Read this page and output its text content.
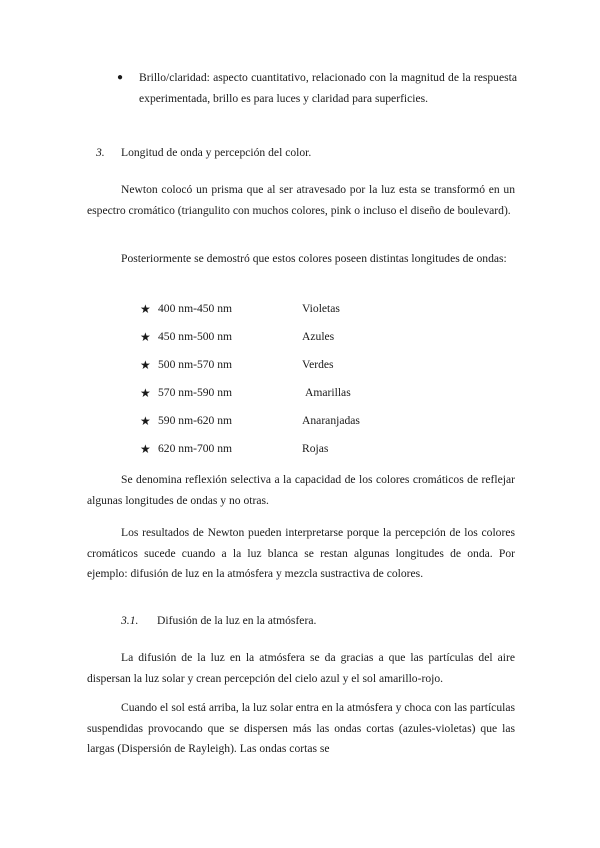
● Brillo/claridad: aspecto cuantitativo, relacionado con la magnitud de la respuesta experimentada, brillo es para luces y claridad para superficies.

3. Longitud de onda y percepción del color.

Newton colocó un prisma que al ser atravesado por la luz esta se transformó en un espectro cromático (triangulito con muchos colores, pink o incluso el diseño de boulevard).

Posteriormente se demostró que estos colores poseen distintas longitudes de ondas:

★ 400 nm-450 nm	Violetas
★ 450 nm-500 nm	Azules
★ 500 nm-570 nm	Verdes
★ 570 nm-590 nm	Amarillas
★ 590 nm-620 nm	Anaranjadas
★ 620 nm-700 nm	Rojas

Se denomina reflexión selectiva a la capacidad de los colores cromáticos de reflejar algunas longitudes de ondas y no otras.

Los resultados de Newton pueden interpretarse porque la percepción de los colores cromáticos sucede cuando a la luz blanca se restan algunas longitudes de onda. Por ejemplo: difusión de luz en la atmósfera y mezcla sustractiva de colores.

3.1. Difusión de la luz en la atmósfera.

La difusión de la luz en la atmósfera se da gracias a que las partículas del aire dispersan la luz solar y crean percepción del cielo azul y el sol amarillo-rojo.

Cuando el sol está arriba, la luz solar entra en la atmósfera y choca con las partículas suspendidas provocando que se dispersen más las ondas cortas (azules-violetas) que las largas (Dispersión de Rayleigh). Las ondas cortas se
